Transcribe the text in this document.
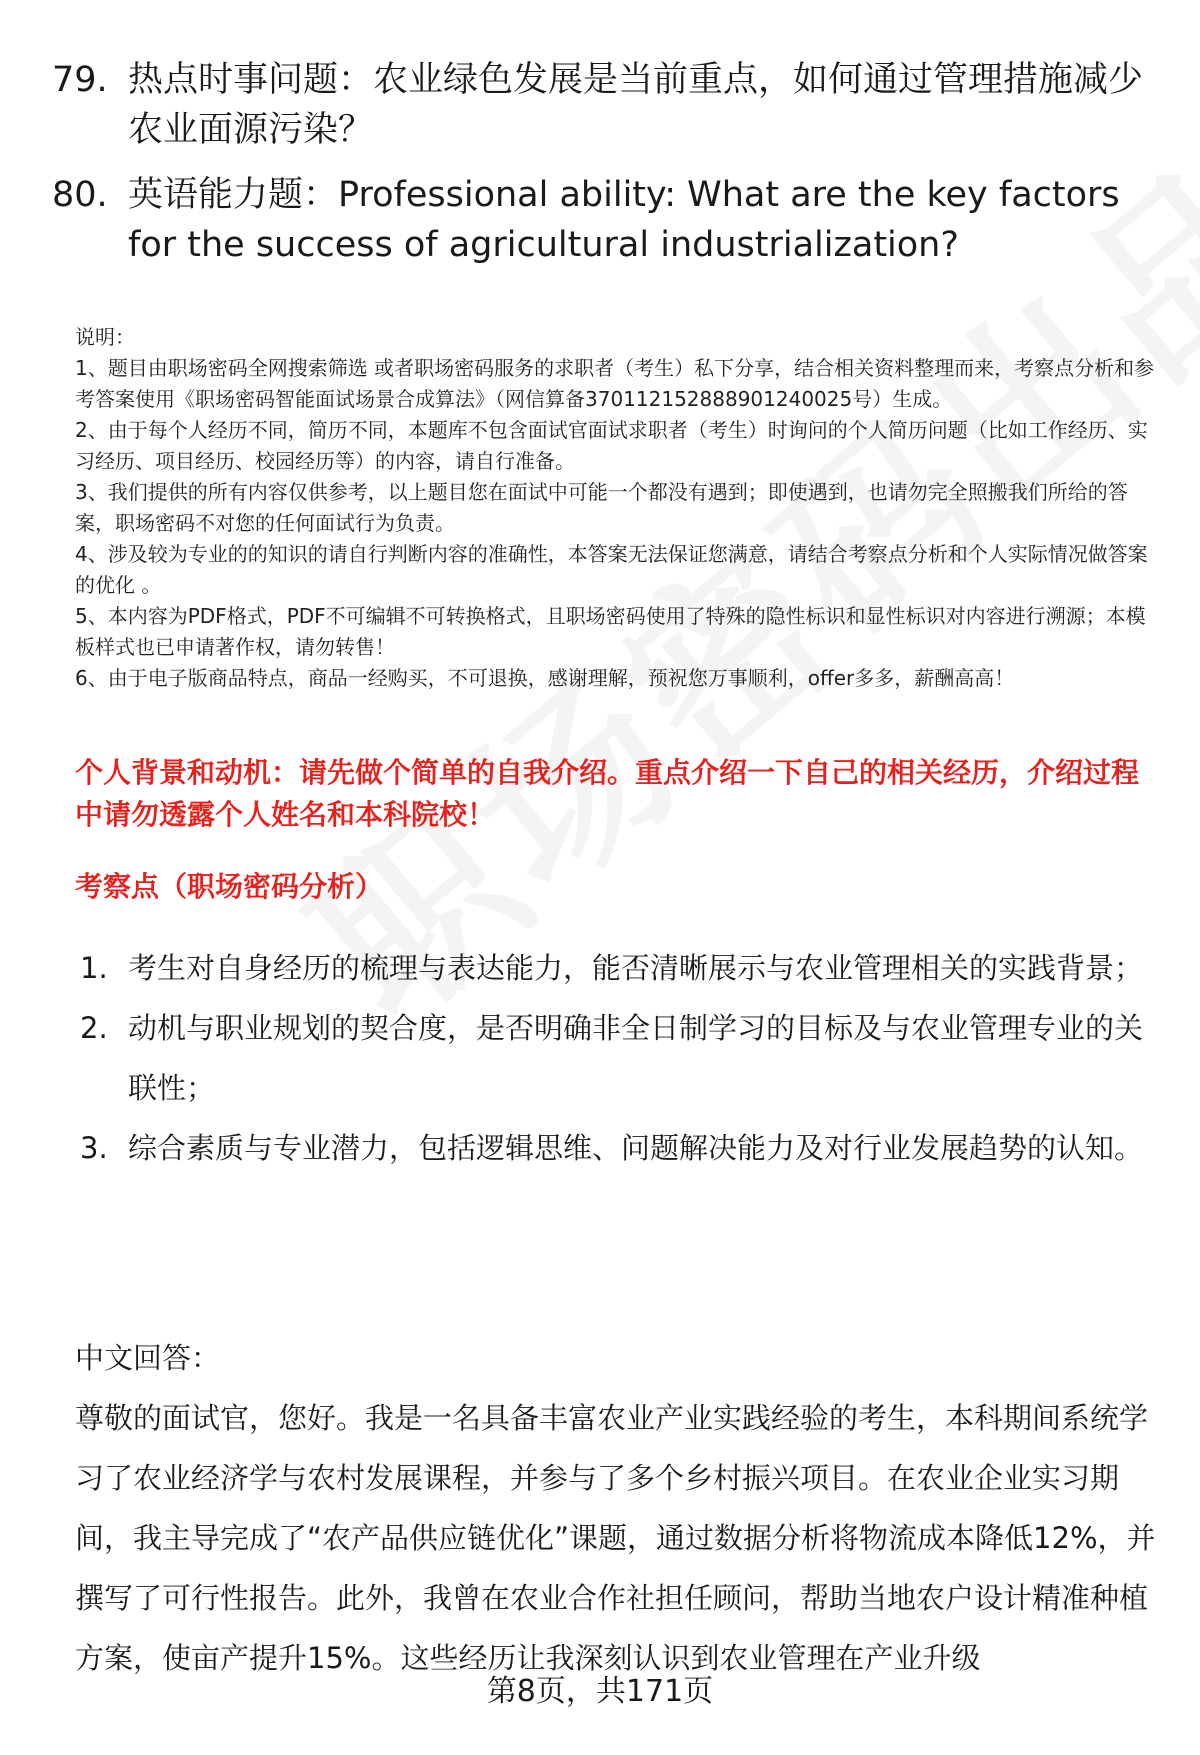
79. 热点时事问题：农业绿色发展是当前重点，如何通过管理措施减少农业面源污染？
80. 英语能力题：Professional ability: What are the key factors for the success of agricultural industrialization?

说明：

1、题目由职场密码全网搜索筛选 或者职场密码服务的求职者（考生）私下分享，结合相关资料整理而来，考察点分析和参考答案使用《职场密码智能面试场景合成算法》（网信算备370112152888901240025号）生成。

2、由于每个人经历不同，简历不同，本题库不包含面试官面试求职者（考生）时询问的个人简历问题（比如工作经历、实习经历、项目经历、校园经历等）的内容，请自行准备。

3、我们提供的所有内容仅供参考，以上题目您在面试中可能一个都没有遇到；即使遇到，也请勿完全照搬我们所给的答案，职场密码不对您的任何面试行为负责。

4、涉及较为专业的的知识的请自行判断内容的准确性，本答案无法保证您满意，请结合考察点分析和个人实际情况做答案的优化 。

5、本内容为PDF格式，PDF不可编辑不可转换格式，且职场密码使用了特殊的隐性标识和显性标识对内容进行溯源；本模板样式也已申请著作权，请勿转售！

6、由于电子版商品特点，商品一经购买，不可退换，感谢理解，预祝您万事顺利，offer多多，薪酬高高！

个人背景和动机：请先做个简单的自我介绍。重点介绍一下自己的相关经历，介绍过程中请勿透露个人姓名和本科院校！
考察点（职场密码分析）
1. 考生对自身经历的梳理与表达能力，能否清晰展示与农业管理相关的实践背景；
2. 动机与职业规划的契合度，是否明确非全日制学习的目标及与农业管理专业的关联性；
3. 综合素质与专业潜力，包括逻辑思维、问题解决能力及对行业发展趋势的认知。

中文回答：

尊敬的面试官，您好。我是一名具备丰富农业产业实践经验的考生，本科期间系统学习了农业经济学与农村发展课程，并参与了多个乡村振兴项目。在农业企业实习期间，我主导完成了“农产品供应链优化”课题，通过数据分析将物流成本降低12%，并撰写了可行性报告。此外，我曾在农业合作社担任顾问，帮助当地农户设计精准种植方案，使亩产提升15%。这些经历让我深刻认识到农业管理在产业升级

第8页，共171页
